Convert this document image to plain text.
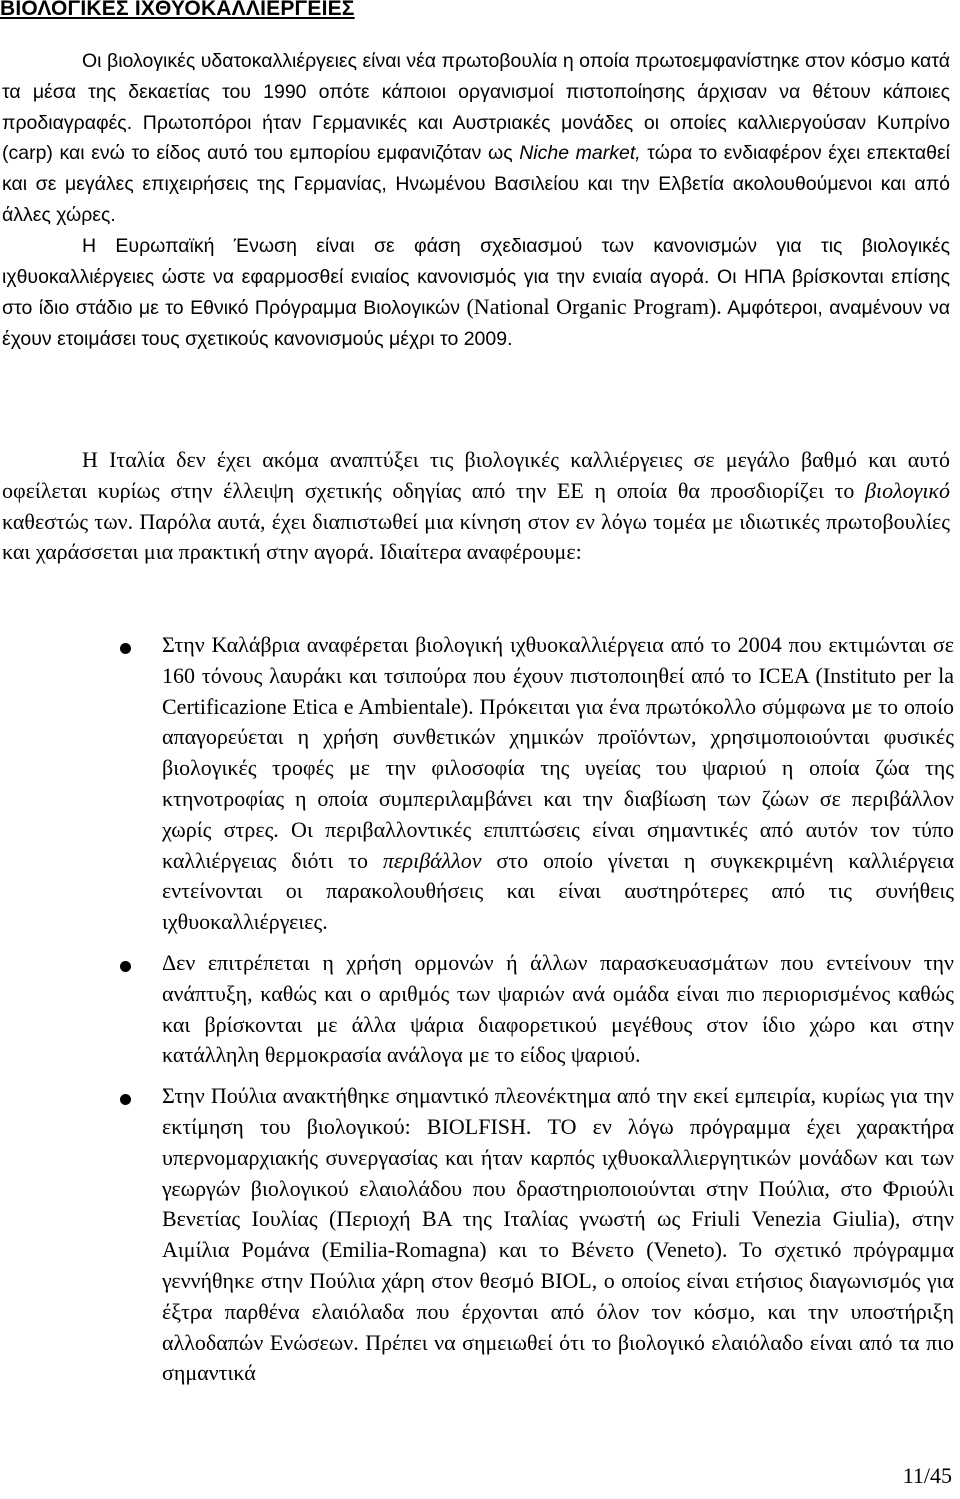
ΒΙΟΛΟΓΙΚΕΣ ΙΧΘΥΟΚΑΛΛΙΕΡΓΕΙΕΣ

Οι βιολογικές υδατοκαλλιέργειες είναι νέα πρωτοβουλία η οποία πρωτοεμφανίστηκε στον κόσμο κατά τα μέσα της δεκαετίας του 1990 οπότε κάποιοι οργανισμοί πιστοποίησης άρχισαν να θέτουν κάποιες προδιαγραφές. Πρωτοπόροι ήταν Γερμανικές και Αυστριακές μονάδες οι οποίες καλλιεργούσαν Κυπρίνο (carp) και ενώ το είδος αυτό του εμπορίου εμφανιζόταν ως Niche market, τώρα το ενδιαφέρον έχει επεκταθεί και σε μεγάλες επιχειρήσεις της Γερμανίας, Ηνωμένου Βασιλείου και την Ελβετία ακολουθούμενοι και από άλλες χώρες.
Η Ευρωπαϊκή Ένωση είναι σε φάση σχεδιασμού των κανονισμών για τις βιολογικές ιχθυοκαλλιέργειες ώστε να εφαρμοσθεί ενιαίος κανονισμός για την ενιαία αγορά. Οι ΗΠΑ βρίσκονται επίσης στο ίδιο στάδιο με το Εθνικό Πρόγραμμα Βιολογικών (National Organic Program). Αμφότεροι, αναμένουν να έχουν ετοιμάσει τους σχετικούς κανονισμούς μέχρι το 2009.

Η Ιταλία δεν έχει ακόμα αναπτύξει τις βιολογικές καλλιέργειες σε μεγάλο βαθμό και αυτό οφείλεται κυρίως στην έλλειψη σχετικής οδηγίας από την ΕΕ η οποία θα προσδιορίζει το βιολογικό καθεστώς των. Παρόλα αυτά, έχει διαπιστωθεί μια κίνηση στον εν λόγω τομέα με ιδιωτικές πρωτοβουλίες και χαράσσεται μια πρακτική στην αγορά. Ιδιαίτερα αναφέρουμε:

Στην Καλάβρια αναφέρεται βιολογική ιχθυοκαλλιέργεια από το 2004 που εκτιμώνται σε 160 τόνους λαυράκι και τσιπούρα που έχουν πιστοποιηθεί από το ICEA (Instituto per la Certificazione Etica e Ambientale). Πρόκειται για ένα πρωτόκολλο σύμφωνα με το οποίο απαγορεύεται η χρήση συνθετικών χημικών προϊόντων, χρησιμοποιούνται φυσικές βιολογικές τροφές με την φιλοσοφία της υγείας του ψαριού η οποία ζώα της κτηνοτροφίας η οποία συμπεριλαμβάνει και την διαβίωση των ζώων σε περιβάλλον χωρίς στρες. Οι περιβαλλοντικές επιπτώσεις είναι σημαντικές από αυτόν τον τύπο καλλιέργειας διότι το περιβάλλον στο οποίο γίνεται η συγκεκριμένη καλλιέργεια εντείνονται οι παρακολουθήσεις και είναι αυστηρότερες από τις συνήθεις ιχθυοκαλλιέργειες.
Δεν επιτρέπεται η χρήση ορμονών ή άλλων παρασκευασμάτων που εντείνουν την ανάπτυξη, καθώς και ο αριθμός των ψαριών ανά ομάδα είναι πιο περιορισμένος καθώς και βρίσκονται με άλλα ψάρια διαφορετικού μεγέθους στον ίδιο χώρο και στην κατάλληλη θερμοκρασία ανάλογα με το είδος ψαριού.
Στην Πούλια ανακτήθηκε σημαντικό πλεονέκτημα από την εκεί εμπειρία, κυρίως για την εκτίμηση του βιολογικού: BIOLFISH. ΤΟ εν λόγω πρόγραμμα έχει χαρακτήρα υπερνομαρχιακής συνεργασίας και ήταν καρπός ιχθυοκαλλιεργητικών μονάδων και των γεωργών βιολογικού ελαιολάδου που δραστηριοποιούνται στην Πούλια, στο Φριούλι Βενετίας Ιουλίας (Περιοχή ΒΑ της Ιταλίας γνωστή ως Friuli Venezia Giulia), στην Αιμίλια Ρομάνα (Emilia-Romagna) και το Βένετο (Veneto). Το σχετικό πρόγραμμα γεννήθηκε στην Πούλια χάρη στον θεσμό BIOL, ο οποίος είναι ετήσιος διαγωνισμός για έξτρα παρθένα ελαιόλαδα που έρχονται από όλον τον κόσμο, και την υποστήριξη αλλοδαπών Ενώσεων. Πρέπει να σημειωθεί ότι το βιολογικό ελαιόλαδο είναι από τα πιο σημαντικά
11/45
